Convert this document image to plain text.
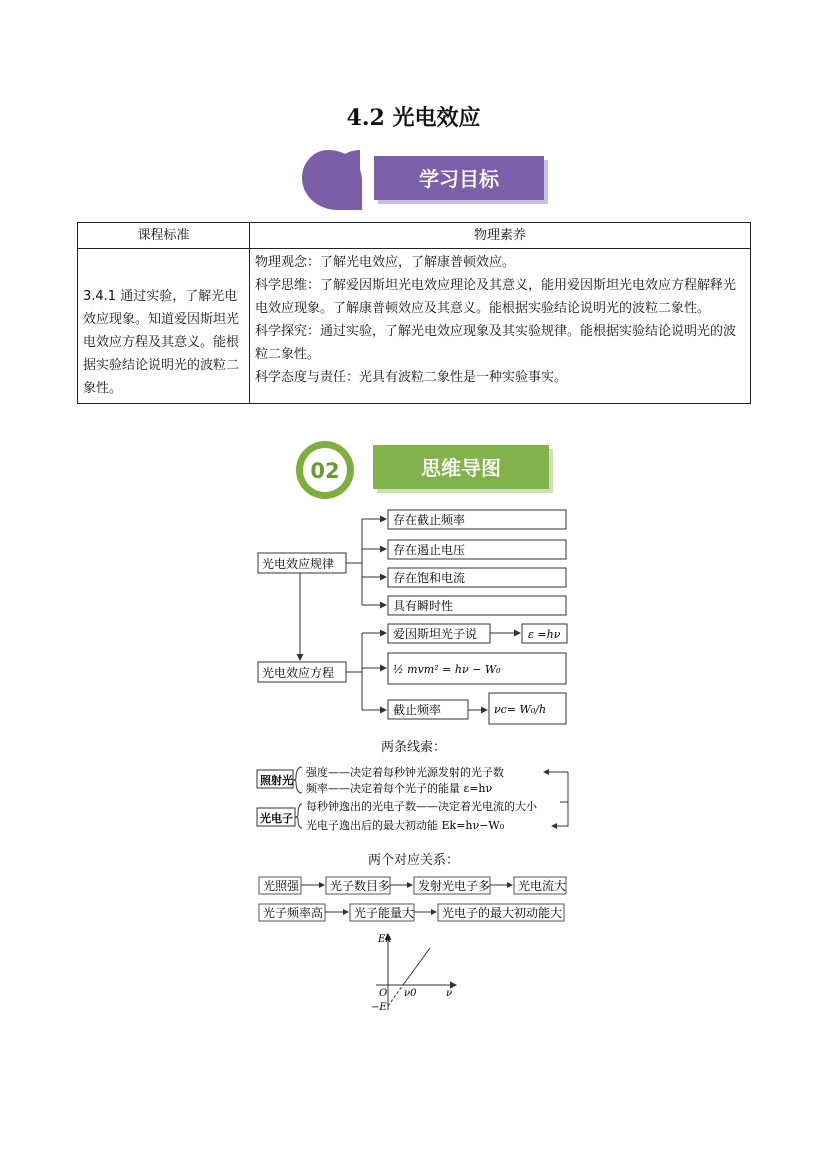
4.2 光电效应
学习目标
课程标准	物理素养
3.4.1 通过实验，了解光电效应现象。知道爱因斯坦光电效应方程及其意义。能根据实验结论说明光的波粒二象性。	物理观念：了解光电效应，了解康普顿效应。
科学思维：了解爱因斯坦光电效应理论及其意义，能用爱因斯坦光电效应方程解释光电效应现象。了解康普顿效应及其意义。能根据实验结论说明光的波粒二象性。
科学探究：通过实验，了解光电效应现象及其实验规律。能根据实验结论说明光的波粒二象性。
科学态度与责任：光具有波粒二象性是一种实验事实。
02	思维导图
光电效应规律
光电效应方程
存在截止频率
存在遏止电压
存在饱和电流
具有瞬时性
爱因斯坦光子说	ε =hν
½ mvm² = hν − W₀
截止频率	νc= W₀/h
两条线索：
照射光
光电子
强度——决定着每秒钟光源发射的光子数
频率——决定着每个光子的能量 ε=hν
每秒钟逸出的光电子数——决定着光电流的大小
光电子逸出后的最大初动能 Ek=hν−W₀
两个对应关系：
光照强	光子数目多 发射光电子多 光电流大
光子频率高	光子能量大 光电子的最大初动能大
Ek
O ν0	ν
−E
